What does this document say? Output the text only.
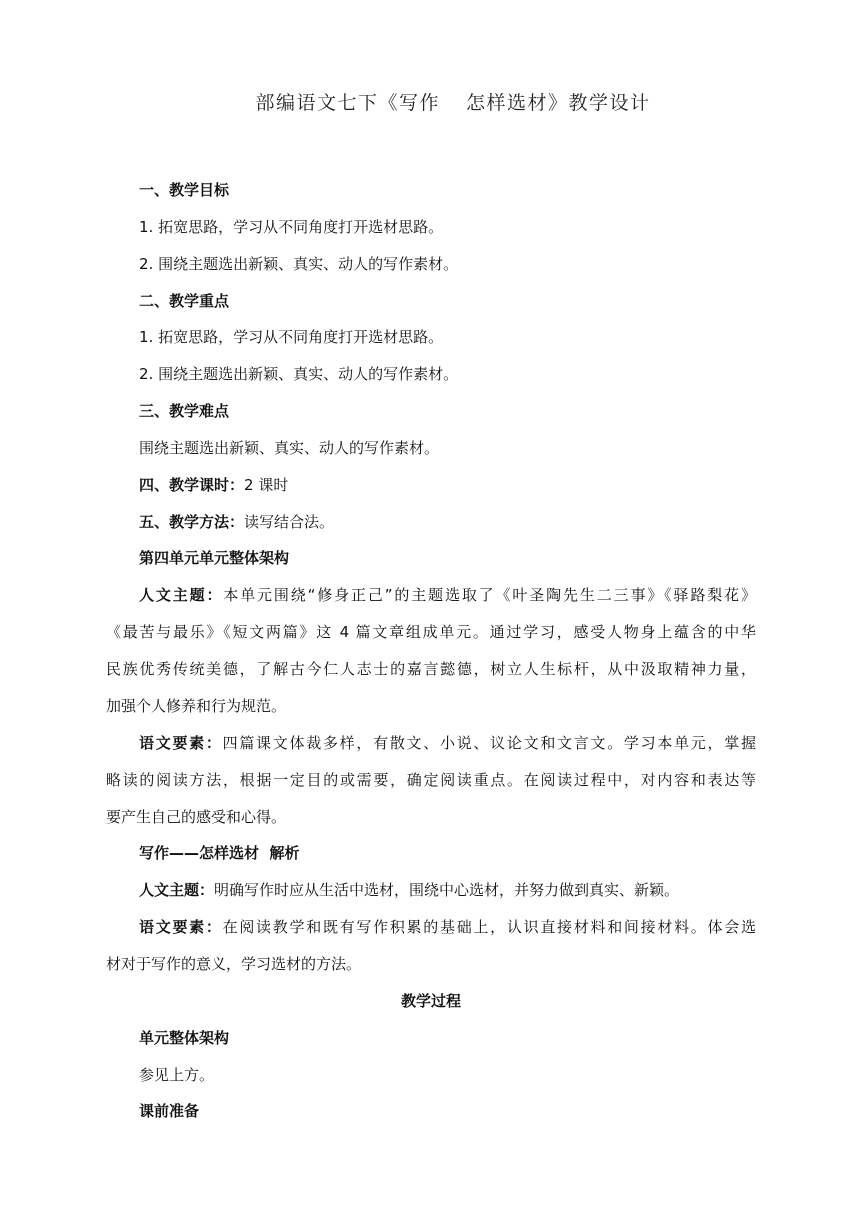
部编语文七下《写作 怎样选材》教学设计
一、教学目标
1. 拓宽思路，学习从不同角度打开选材思路。
2. 围绕主题选出新颖、真实、动人的写作素材。
二、教学重点
1. 拓宽思路，学习从不同角度打开选材思路。
2. 围绕主题选出新颖、真实、动人的写作素材。
三、教学难点
围绕主题选出新颖、真实、动人的写作素材。
四、教学课时：2 课时
五、教学方法：读写结合法。
第四单元单元整体架构
人文主题：本单元围绕“修身正己”的主题选取了《叶圣陶先生二三事》《驿路梨花》
《最苦与最乐》《短文两篇》这 4 篇文章组成单元。通过学习，感受人物身上蕴含的中华
民族优秀传统美德，了解古今仁人志士的嘉言懿德，树立人生标杆，从中汲取精神力量，
加强个人修养和行为规范。
语文要素：四篇课文体裁多样，有散文、小说、议论文和文言文。学习本单元，掌握
略读的阅读方法，根据一定目的或需要，确定阅读重点。在阅读过程中，对内容和表达等
要产生自己的感受和心得。
写作——怎样选材  解析
人文主题：明确写作时应从生活中选材，围绕中心选材，并努力做到真实、新颖。
语文要素：在阅读教学和既有写作积累的基础上，认识直接材料和间接材料。体会选
材对于写作的意义，学习选材的方法。
教学过程
单元整体架构
参见上方。
课前准备
